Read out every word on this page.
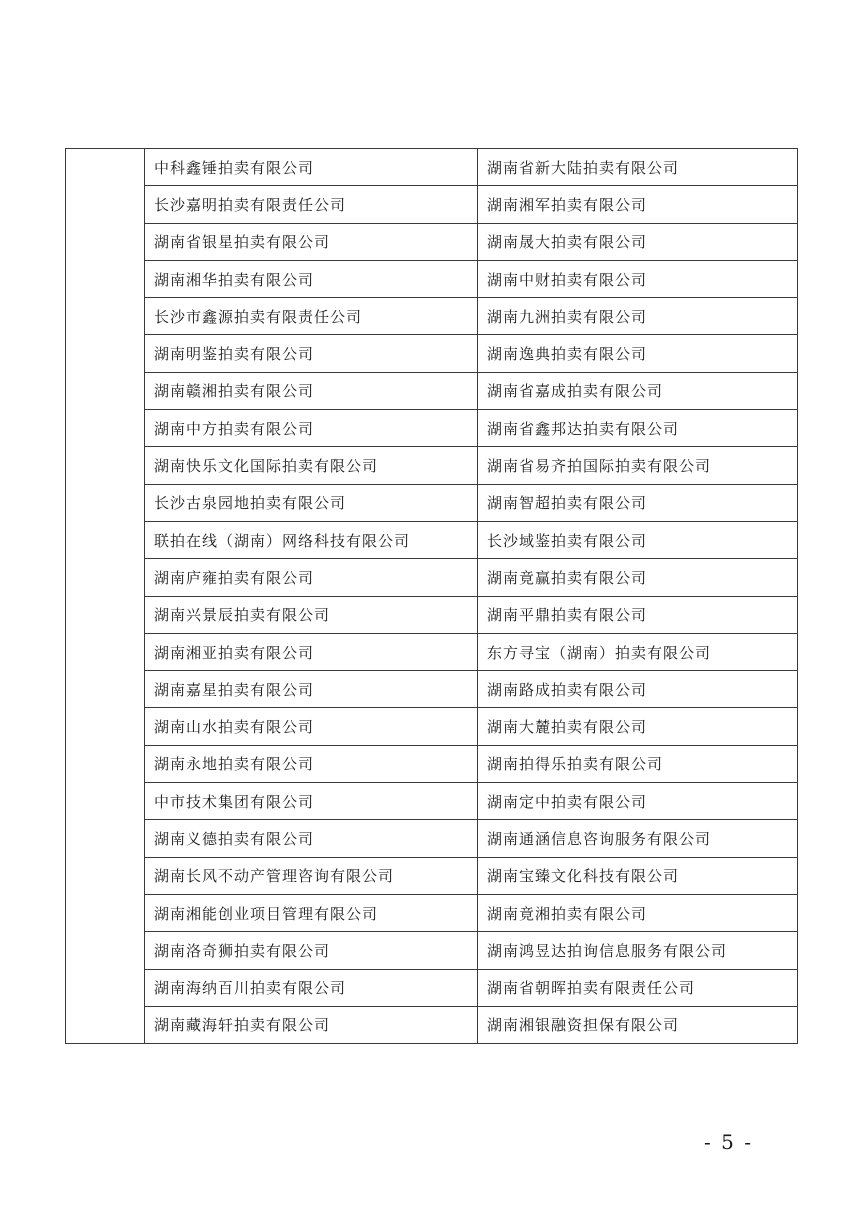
	中科鑫锤拍卖有限公司	湖南省新大陆拍卖有限公司
	长沙嘉明拍卖有限责任公司	湖南湘军拍卖有限公司
	湖南省银星拍卖有限公司	湖南晟大拍卖有限公司
	湖南湘华拍卖有限公司	湖南中财拍卖有限公司
	长沙市鑫源拍卖有限责任公司	湖南九洲拍卖有限公司
	湖南明鉴拍卖有限公司	湖南逸典拍卖有限公司
	湖南赣湘拍卖有限公司	湖南省嘉成拍卖有限公司
	湖南中方拍卖有限公司	湖南省鑫邦达拍卖有限公司
	湖南快乐文化国际拍卖有限公司	湖南省易齐拍国际拍卖有限公司
	长沙古泉园地拍卖有限公司	湖南智超拍卖有限公司
	联拍在线（湖南）网络科技有限公司	长沙域鉴拍卖有限公司
	湖南庐雍拍卖有限公司	湖南竟赢拍卖有限公司
	湖南兴景辰拍卖有限公司	湖南平鼎拍卖有限公司
	湖南湘亚拍卖有限公司	东方寻宝（湖南）拍卖有限公司
	湖南嘉星拍卖有限公司	湖南路成拍卖有限公司
	湖南山水拍卖有限公司	湖南大麓拍卖有限公司
	湖南永地拍卖有限公司	湖南拍得乐拍卖有限公司
	中市技术集团有限公司	湖南定中拍卖有限公司
	湖南义德拍卖有限公司	湖南通涵信息咨询服务有限公司
	湖南长风不动产管理咨询有限公司	湖南宝臻文化科技有限公司
	湖南湘能创业项目管理有限公司	湖南竟湘拍卖有限公司
	湖南洛奇狮拍卖有限公司	湖南鸿昱达拍询信息服务有限公司
	湖南海纳百川拍卖有限公司	湖南省朝晖拍卖有限责任公司
	湖南藏海轩拍卖有限公司	湖南湘银融资担保有限公司
- 5 -
